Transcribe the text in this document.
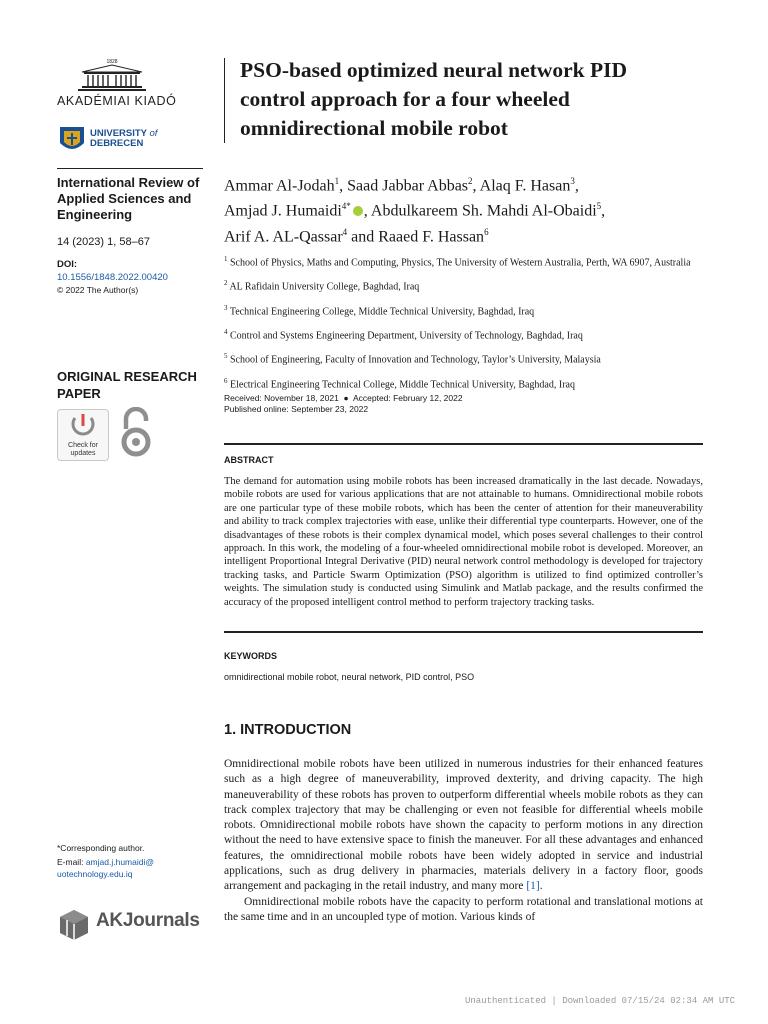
1828
AKADÉMIAI KIADÓ
UNIVERSITY of
DEBRECEN
International Review of Applied Sciences and Engineering
14 (2023) 1, 58–67
DOI:
10.1556/1848.2022.00420
© 2022 The Author(s)
ORIGINAL RESEARCH PAPER
Check for
updates
*Corresponding author.
E-mail: amjad.j.humaidi@
uotechnology.edu.iq
AKJournals
PSO-based optimized neural network PID control approach for a four wheeled omnidirectional mobile robot
Ammar Al-Jodah$^1$, Saad Jabbar Abbas$^2$, Alaq F. Hasan$^3$,
Amjad J. Humaidi$^{4*}$ , Abdulkareem Sh. Mahdi Al-Obaidi$^5$,
Arif A. AL-Qassar$^4$ and Raaed F. Hassan$^6$
$^1$ School of Physics, Maths and Computing, Physics, The University of Western Australia, Perth, WA 6907, Australia
$^2$ AL Rafidain University College, Baghdad, Iraq
$^3$ Technical Engineering College, Middle Technical University, Baghdad, Iraq
$^4$ Control and Systems Engineering Department, University of Technology, Baghdad, Iraq
$^5$ School of Engineering, Faculty of Innovation and Technology, Taylor’s University, Malaysia
$^6$ Electrical Engineering Technical College, Middle Technical University, Baghdad, Iraq
Received: November 18, 2021  ●  Accepted: February 12, 2022
Published online: September 23, 2022
ABSTRACT
The demand for automation using mobile robots has been increased dramatically in the last decade. Nowadays, mobile robots are used for various applications that are not attainable to humans. Omnidirectional mobile robots are one particular type of these mobile robots, which has been the center of attention for their maneuverability and ability to track complex trajectories with ease, unlike their differential type counterparts. However, one of the disadvantages of these robots is their complex dynamical model, which poses several challenges to their control approach. In this work, the modeling of a four-wheeled omnidirectional mobile robot is developed. Moreover, an intelligent Proportional Integral Derivative (PID) neural network control methodology is developed for trajectory tracking tasks, and Particle Swarm Optimization (PSO) algorithm is utilized to find optimized controller’s weights. The simulation study is conducted using Simulink and Matlab package, and the results confirmed the accuracy of the proposed intelligent control method to perform trajectory tracking tasks.
KEYWORDS
omnidirectional mobile robot, neural network, PID control, PSO
1. INTRODUCTION

Omnidirectional mobile robots have been utilized in numerous industries for their enhanced features such as a high degree of maneuverability, improved dexterity, and driving capacity. The high maneuverability of these robots has proven to outperform differential wheels mobile robots as they can track complex trajectory that may be challenging or even not feasible for differential wheels mobile robots. Omnidirectional mobile robots have shown the capacity to perform motions in any direction without the need to have extensive space to finish the maneuver. For all these advantages and enhanced features, the omnidirectional mobile robots have been widely adopted in service and industrial applications, such as drug delivery in pharmacies, materials delivery in a factory floor, goods arrangement and packaging in the retail industry, and many more [1].

Omnidirectional mobile robots have the capacity to perform rotational and translational motions at the same time and in an uncoupled type of motion. Various kinds of

Unauthenticated | Downloaded 07/15/24 02:34 AM UTC
